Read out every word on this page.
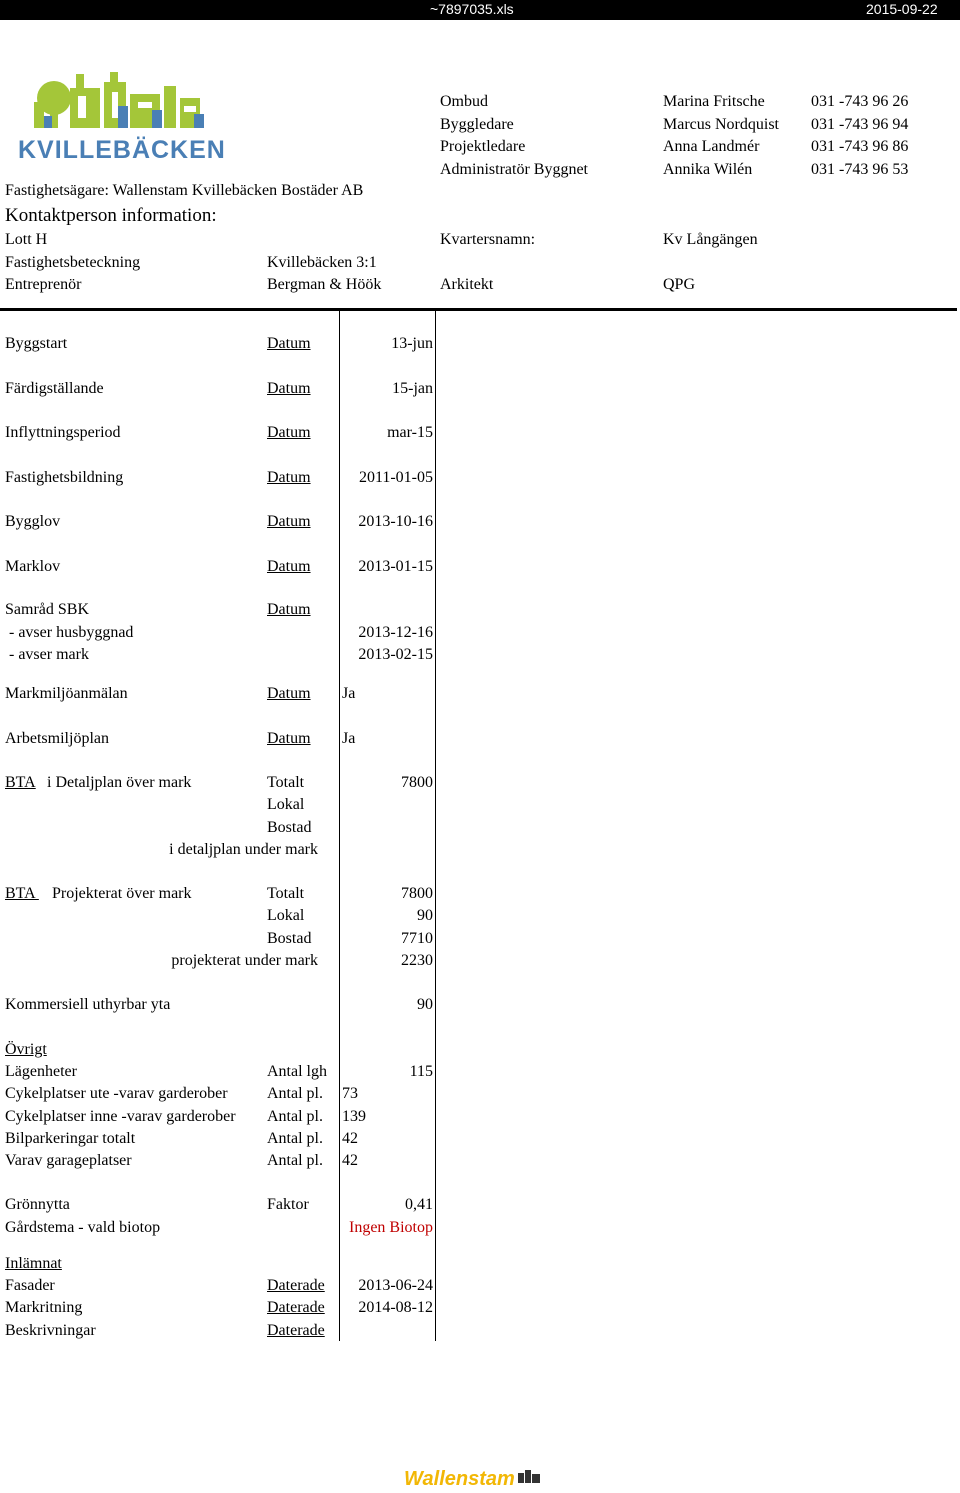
~7897035.xls	2015-09-22
KVILLEBÄCKEN
Ombud	Marina Fritsche	031 -743 96 26
Byggledare	Marcus Nordquist 031 -743 96 94
Projektledare	Anna Landmér	031 -743 96 86
Administratör Byggnet	Annika Wilén	031 -743 96 53
Fastighetsägare: Wallenstam Kvillebäcken Bostäder AB
Kontaktperson information:
Lott H	Kvartersnamn:	Kv Långängen
Fastighetsbeteckning	Kvillebäcken 3:1
Entreprenör	Bergman & Höök	Arkitekt	QPG
Byggstart	Datum	13-jun
Färdigställande	Datum	15-jan
Inflyttningsperiod	Datum	mar-15
Fastighetsbildning	Datum	2011-01-05
Bygglov	Datum	2013-10-16
Marklov	Datum	2013-01-15
Samråd SBK	Datum
- avser husbyggnad	2013-12-16
- avser mark	2013-02-15
Markmiljöanmälan	Datum Ja
Arbetsmiljöplan	Datum Ja
BTA i Detaljplan över mark	Totalt	7800
Lokal
Bostad
i detaljplan under mark
BTA Projekterat över mark	Totalt	7800
Lokal	90
Bostad	7710
projekterat under mark	2230
Kommersiell uthyrbar yta	90
Övrigt
Lägenheter	Antal lgh	115
Cykelplatser ute -varav garderober Antal pl. 73
Cykelplatser inne -varav garderober Antal pl. 139
Bilparkeringar totalt	Antal pl. 42
Varav garageplatser	Antal pl. 42
Grönnytta	Faktor	0,41
Gårdstema - vald biotop	Ingen Biotop
Inlämnat
Fasader	Daterade 2013-06-24
Markritning	Daterade 2014-08-12
Beskrivningar	Daterade
Wallenstam
